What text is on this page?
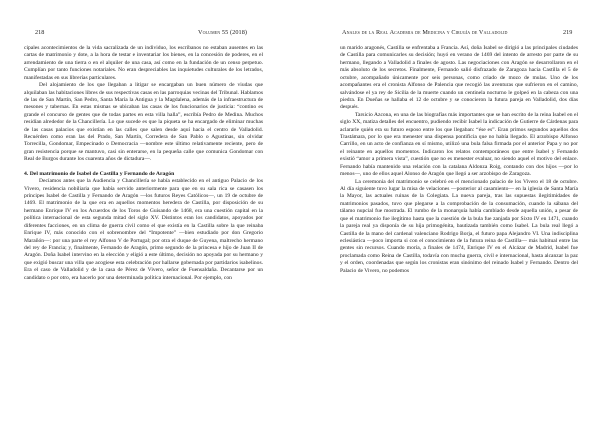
218	Volumen 55 (2018)

cipales acontecimientos de la vida sacralizada de un individuo, los escribanos no estaban ausentes en las cartas de matrimonio y dote, a la hora de testar e inventariar los bienes, en la concesión de poderes, en el arrendamiento de una tierra o en el alquiler de una casa, así como en la fundación de un censo perpetuo. Cumplían por tanto funciones notariales. No eran despreciables las inquietudes culturales de los letrados, manifestadas en sus librerías particulares.

Del alojamiento de los que llegaban a litigar se encargaban un buen número de viudas que alquilaban las habitaciones libres de sus respectivas casas en las parroquias vecinas del Tribunal. Hablamos de las de San Martín, San Pedro, Santa María la Antigua y la Magdalena, además de la infraestructura de mesones y tabernas. En estas mismas se ubicaban las casas de los funcionarios de justicia: “contino es grande el concurso de gentes que de todas partes en esta villa halla”, escribía Pedro de Medina. Muchos residían alrededor de la Chancillería. Lo que sucede es que la piqueta se ha encargado de eliminar muchas de las casas palacios que existían en las calles que salen desde aquí hacia el centro de Valladolid. Recuérden como eran las del Prado, San Martín, Corredera de San Pablo o Agustinas, sin olvidar Torrecilla, Gondomar, Empecinado o Democracia —nombre este último relativamente reciente, pero de gran resistencia porque se mantuvo, casi sin enterarse, en la pequeña calle que comunica Gondomar con Real de Burgos durante los cuarenta años de dictadura—.

4. Del matrimonio de Isabel de Castilla y Fernando de Aragón

Decíamos antes que la Audiencia y Chancillería se había establecido en el antiguo Palacio de los Vivero, residencia nobiliaria que había servido anteriormente para que en su sala rica se casasen los príncipes Isabel de Castilla y Fernando de Aragón —los futuros Reyes Católicos—, un 19 de octubre de 1469. El matrimonio de la que era en aquellos momentos heredera de Castilla, por disposición de su hermano Enrique IV en los Acuerdos de los Toros de Guisando de 1468, era una cuestión capital en la política internacional de esta segunda mitad del siglo XV. Distintos eran los candidatos, apoyados por diferentes facciones, en un clima de guerra civil como el que existía en la Castilla sobre la que reinaba Enrique IV, más conocido con el sobrenombre del “Impotente” —bien estudiado por don Gregorio Marañón—: por una parte el rey Alfonso V de Portugal; por otra el duque de Guyena, maltrecho hermano del rey de Francia; y, finalmente, Fernando de Aragón, primo segundo de la princesa e hijo de Juan II de Aragón. Doña Isabel intervino en la elección y eligió a este último, decisión no apoyada por su hermano y que exigió buscar una villa que acogiese esta celebración por hallarse gobernada por partidarios isabelinos. Era el caso de Valladolid y de la casa de Pérez de Vivero, señor de Fuensaldaña. Decantarse por un candidato o por otro, era hacerlo por una determinada política internacional. Por ejemplo, con

Anales de la Real Academia de Medicina y Cirugía de Valladolid	219

un marido aragonés, Castilla se enfrentaba a Francia. Así, doña Isabel se dirigió a las principales ciudades de Castilla para comunicarles su decisión; huyó en verano de 1469 del intento de arresto por parte de su hermano, llegando a Valladolid a finales de agosto. Las negociaciones con Aragón se desarrollaron en el más absoluto de los secretos. Finalmente, Fernando salió disfrazado de Zaragoza hacia Castilla el 5 de octubre, acompañado únicamente por seis personas, como criado de mozo de mulas. Uno de los acompañantes era el cronista Alfonso de Palencia que recogió las aventuras que sufrieron en el camino, salvándose el ya rey de Sicilia de la muerte cuando un centinela nocturno le golpeó en la cabeza con una piedra. En Dueñas se hallaba el 12 de octubre y se conocieron la futura pareja en Valladolid, dos días después.

Tarsicio Azcona, en una de las biografías más importantes que se han escrito de la reina Isabel en el siglo XX, matiza detalles del encuentro, pudiendo recibir Isabel la indicación de Gutierre de Cárdenas para aclararle quién era su futuro esposo entre los que llegaban: “ése es”. Eran primos segundos aquellos dos Trastámara, por lo que era menester una dispensa pontificia que no había llegado. El arzobispo Alfonso Carrillo, en un acto de confianza en sí mismo, utilizó una bula falsa firmada por el anterior Papa y no por el reinante en aquellos momentos. Indicaron los relatos contemporáneos que entre Isabel y Fernando existió “amor a primera vista”, cuestión que no es menester evaluar, no siendo aquel el motivo del enlace. Fernando había mantenido una relación con la catalana Aldonza Roig, contando con dos hijos —por lo menos—, uno de ellos aquel Alonso de Aragón que llegó a ser arzobispo de Zaragoza.

La ceremonia del matrimonio se celebró en el mencionado palacio de los Vivero el 18 de octubre. Al día siguiente tuvo lugar la misa de velaciones —posterior al casamiento— en la iglesia de Santa María la Mayor, las actuales ruinas de la Colegiata. La nueva pareja, tras las supuestas ilegitimidades de matrimonios pasados, tuvo que plegarse a la comprobación de la consumación, cuando la sábana del tálamo nupcial fue mostrada. El rumbo de la monarquía había cambiado desde aquella unión, a pesar de que el matrimonio fue ilegítimo hasta que la cuestión de la bula fue zanjada por Sixto IV en 1471, cuando la pareja real ya disponía de su hija primogénita, bautizada también como Isabel. La bula real llegó a Castilla de la mano del cardenal valenciano Rodrigo Borja, el futuro papa Alejandro VI. Una indisciplina eclesiástica —poco importa si con el conocimiento de la futura reina de Castilla— más habitual entre las gentes sin recursos. Cuando moría, a finales de 1474, Enrique IV en el Alcázar de Madrid, Isabel fue proclamada como Reina de Castilla, todavía con mucha guerra, civil e internacional, hasta alcanzar la paz y el orden, coordenadas que según los cronistas eran sinónimo del reinado Isabel y Fernando. Dentro del Palacio de Vivero, no podemos
